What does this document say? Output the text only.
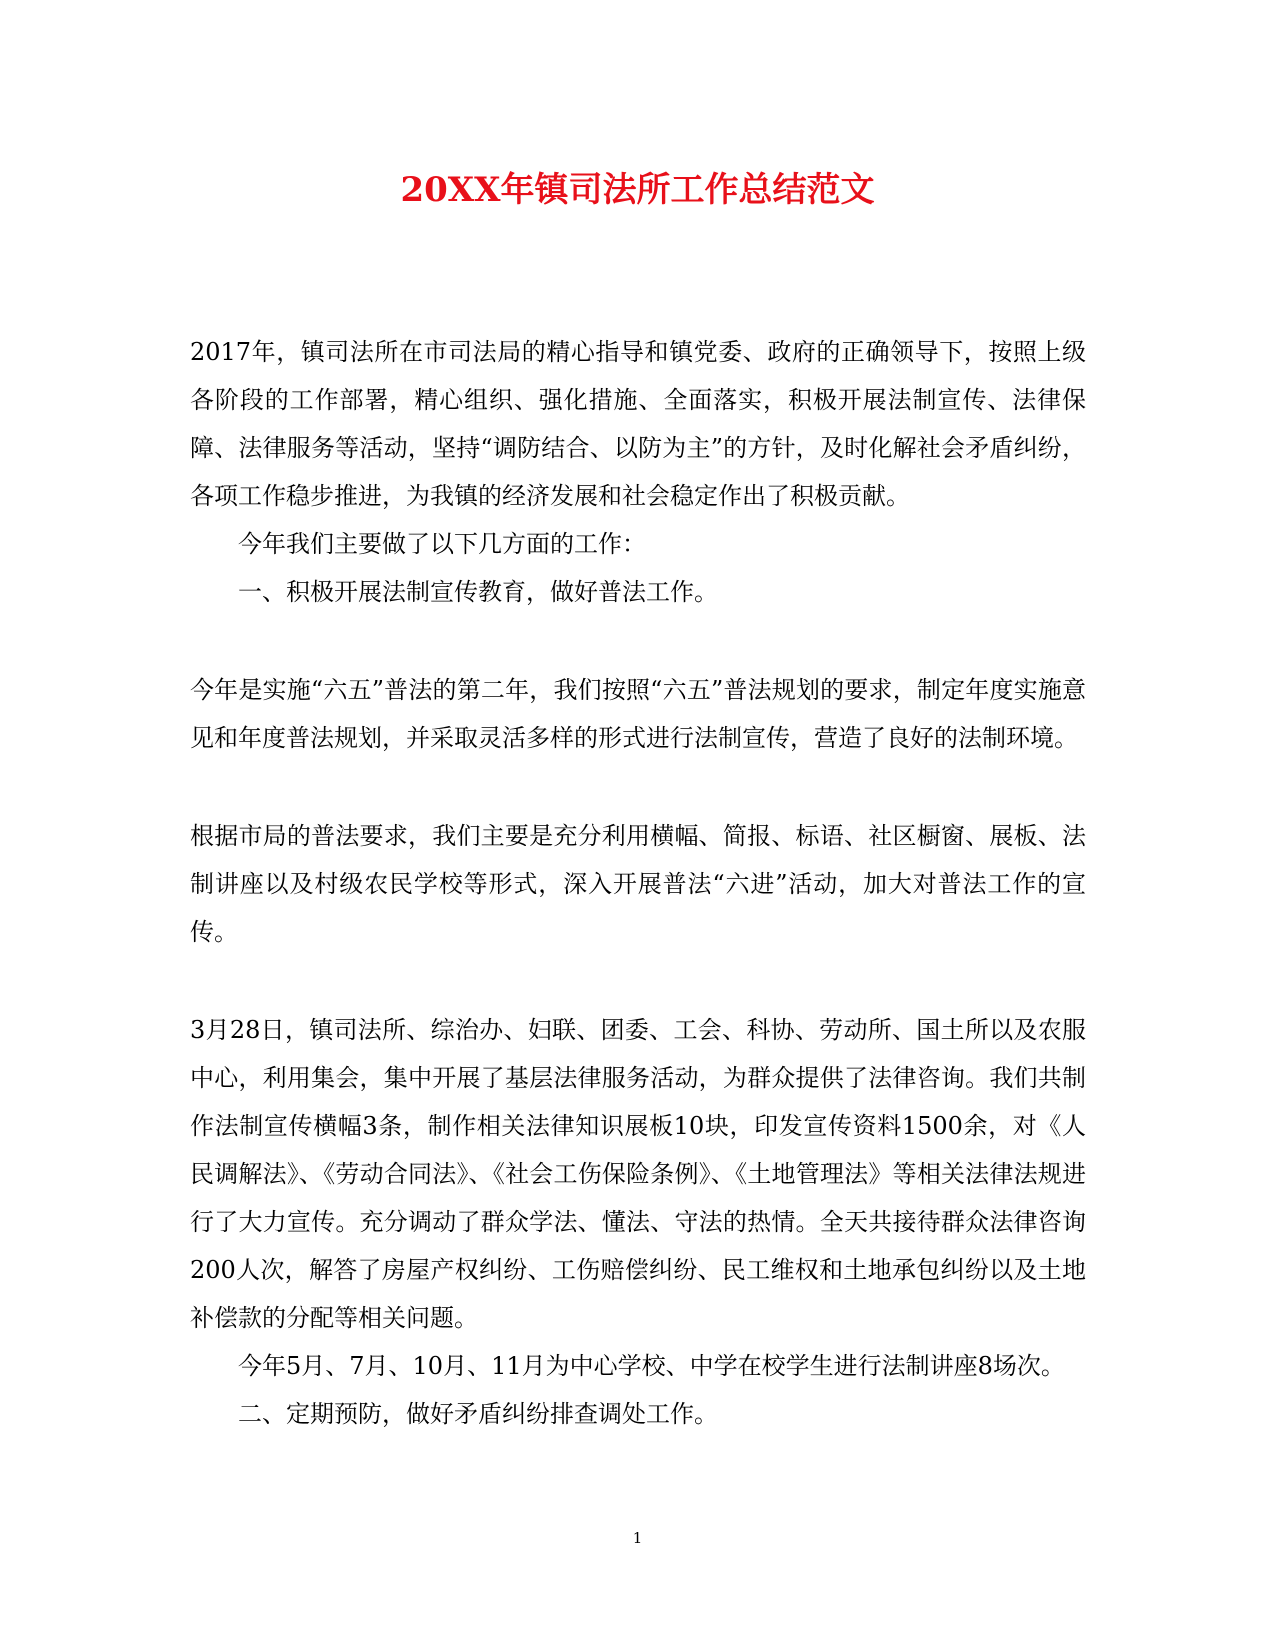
20XX年镇司法所工作总结范文

2017年，镇司法所在市司法局的精心指导和镇党委、政府的正确领导下，按照上级各阶段的工作部署，精心组织、强化措施、全面落实，积极开展法制宣传、法律保障、法律服务等活动，坚持“调防结合、以防为主”的方针，及时化解社会矛盾纠纷，各项工作稳步推进，为我镇的经济发展和社会稳定作出了积极贡献。

今年我们主要做了以下几方面的工作：

一、积极开展法制宣传教育，做好普法工作。

今年是实施“六五”普法的第二年，我们按照“六五”普法规划的要求，制定年度实施意见和年度普法规划，并采取灵活多样的形式进行法制宣传，营造了良好的法制环境。

根据市局的普法要求，我们主要是充分利用横幅、简报、标语、社区橱窗、展板、法制讲座以及村级农民学校等形式，深入开展普法“六进”活动，加大对普法工作的宣传。

3月28日，镇司法所、综治办、妇联、团委、工会、科协、劳动所、国土所以及农服中心，利用集会，集中开展了基层法律服务活动，为群众提供了法律咨询。我们共制作法制宣传横幅3条，制作相关法律知识展板10块，印发宣传资料1500余，对《人民调解法》、《劳动合同法》、《社会工伤保险条例》、《土地管理法》等相关法律法规进行了大力宣传。充分调动了群众学法、懂法、守法的热情。全天共接待群众法律咨询200人次，解答了房屋产权纠纷、工伤赔偿纠纷、民工维权和土地承包纠纷以及土地补偿款的分配等相关问题。

今年5月、7月、10月、11月为中心学校、中学在校学生进行法制讲座8场次。

二、定期预防，做好矛盾纠纷排查调处工作。

1
